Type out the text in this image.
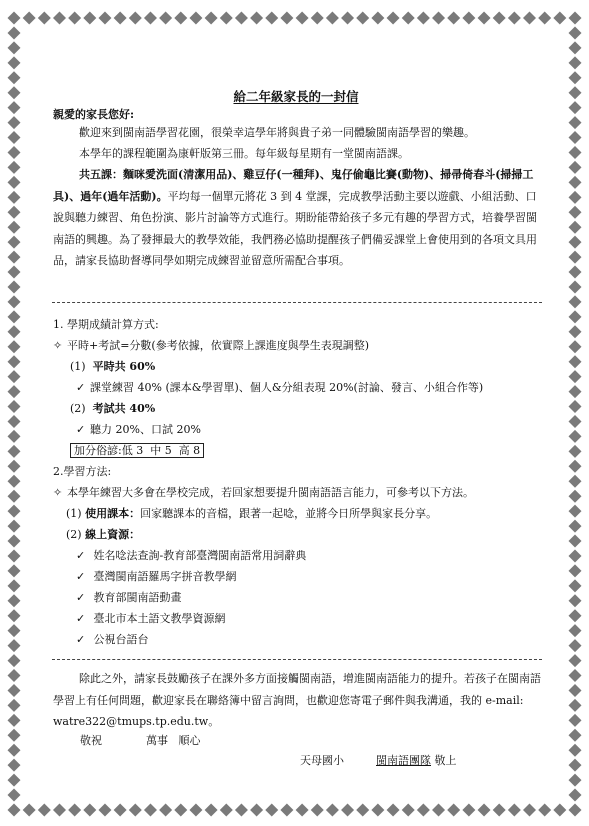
給二年級家長的一封信
親愛的家長您好:
歡迎來到閩南語學習花園，很榮幸這學年將與貴子弟一同體驗閩南語學習的樂趣。
本學年的課程範圍為康軒版第三冊。每年級每星期有一堂閩南語課。
共五課：麵咪愛洗面(清潔用品)、雞豆仔(一種拜)、鬼仔偷龜比賽(動物)、掃帚倚春斗(掃掃工具)、過年(過年活動)。平均每一個單元將花 3 到 4 堂課，完成教學活動主要以遊戲、小組活動、口說與聽力練習、角色扮演、影片討論等方式進行。期盼能帶給孩子多元有趣的學習方式，培養學習閩南語的興趣。為了發揮最大的教學效能，我們務必協助提醒孩子們備妥課堂上會使用到的各項文具用品，請家長協助督導同學如期完成練習並留意所需配合事項。
1. 學期成績計算方式:
✧ 平時+考試=分數(參考依據，依實際上課進度與學生表現調整)
(1) 平時共 60%
✓ 課堂練習 40% (課本&學習單)、個人&分組表現 20%(討論、發言、小組合作等)
(2) 考試共 40%
✓ 聽力 20%、口試 20%
加分俗諺:低 3  中 5  高 8
2.學習方法:
✧ 本學年練習大多會在學校完成，若回家想要提升閩南語語言能力，可參考以下方法。
(1) 使用課本：回家聽課本的音檔，跟著一起唸，並將今日所學與家長分享。
(2) 線上資源：
✓ 姓名唸法查詢-教育部臺灣閩南語常用詞辭典
✓ 臺灣閩南語羅馬字拼音教學網
✓ 教育部閩南語動畫
✓ 臺北市本土語文教學資源網
✓ 公視台語台
除此之外，請家長鼓勵孩子在課外多方面接觸閩南語，增進閩南語能力的提升。若孩子在閩南語學習上有任何問題，歡迎家長在聯絡簿中留言詢問，也歡迎您寄電子郵件與我溝通，我的 e-mail: watre322@tmups.tp.edu.tw。
敬祝	萬事 順心
天母國小	閩南語團隊 敬上
